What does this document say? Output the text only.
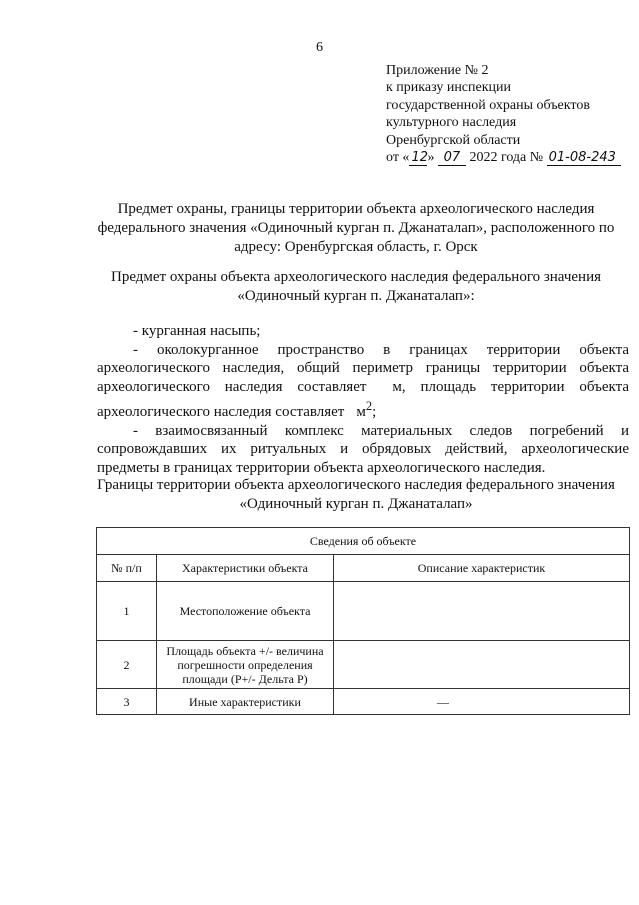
6
Приложение № 2
к приказу инспекции
государственной охраны объектов
культурного наследия
Оренбургской области
от « 12» 07 2022 года № 01-08-243
Предмет охраны, границы территории объекта археологического наследия федерального значения «Одиночный курган п. Джанаталап», расположенного по адресу: Оренбургская область, г. Орск
Предмет охраны объекта археологического наследия федерального значения «Одиночный курган п. Джанаталап»:

- курганная насыпь;

- околокурганное пространство в границах территории объекта археологического наследия, общий периметр границы территории объекта археологического наследия составляет м, площадь территории объекта археологического наследия составляет $м^2$;

- взаимосвязанный комплекс материальных следов погребений и сопровождавших их ритуальных и обрядовых действий, археологические предметы в границах территории объекта археологического наследия.

Границы территории объекта археологического наследия федерального значения «Одиночный курган п. Джанаталап»
Сведения об объекте		
№ п/п	Характеристики объекта	Описание характеристик
1	Местоположение объекта	
2	Площадь объекта +/- величина погрешности определения площади (P+/- Дельта P)	
3	Иные характеристики	—
